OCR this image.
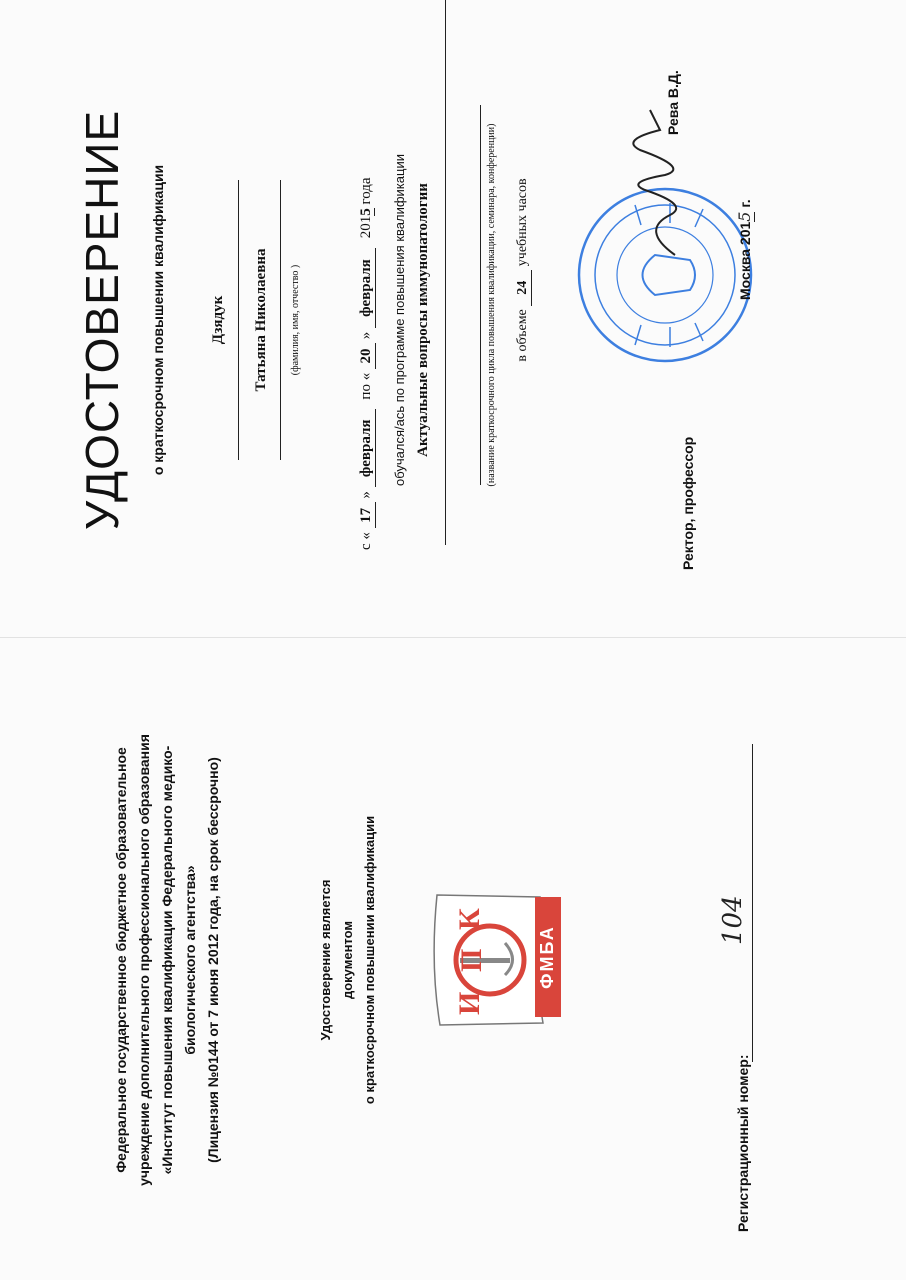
Федеральное государственное бюджетное образовательное учреждение дополнительного профессионального образования «Институт повышения квалификации Федерального медико- биологического агентства» (Лицензия №0144 от 7 июня 2012 года, на срок бессрочно)	Удостоверение является документом о краткосрочном повышении квалификации	И
П
К
ФМБА
Регистрационный номер:
104
УДОСТОВЕРЕНИЕ о краткосрочном повышении квалификации	Дзядук Татьяна Николаевна (фамилия, имя, отчество )
с « 17 » февраля по « 20 » февраля 2015 года обучался/ась по программе повышения квалификации Актуальные вопросы иммунопатологии	(название краткосрочного цикла повышения квалификации, семинара, конференции) в объеме 24 учебных часов
Ректор, профессор
Рева В.Д.
Москва 2015 г.
